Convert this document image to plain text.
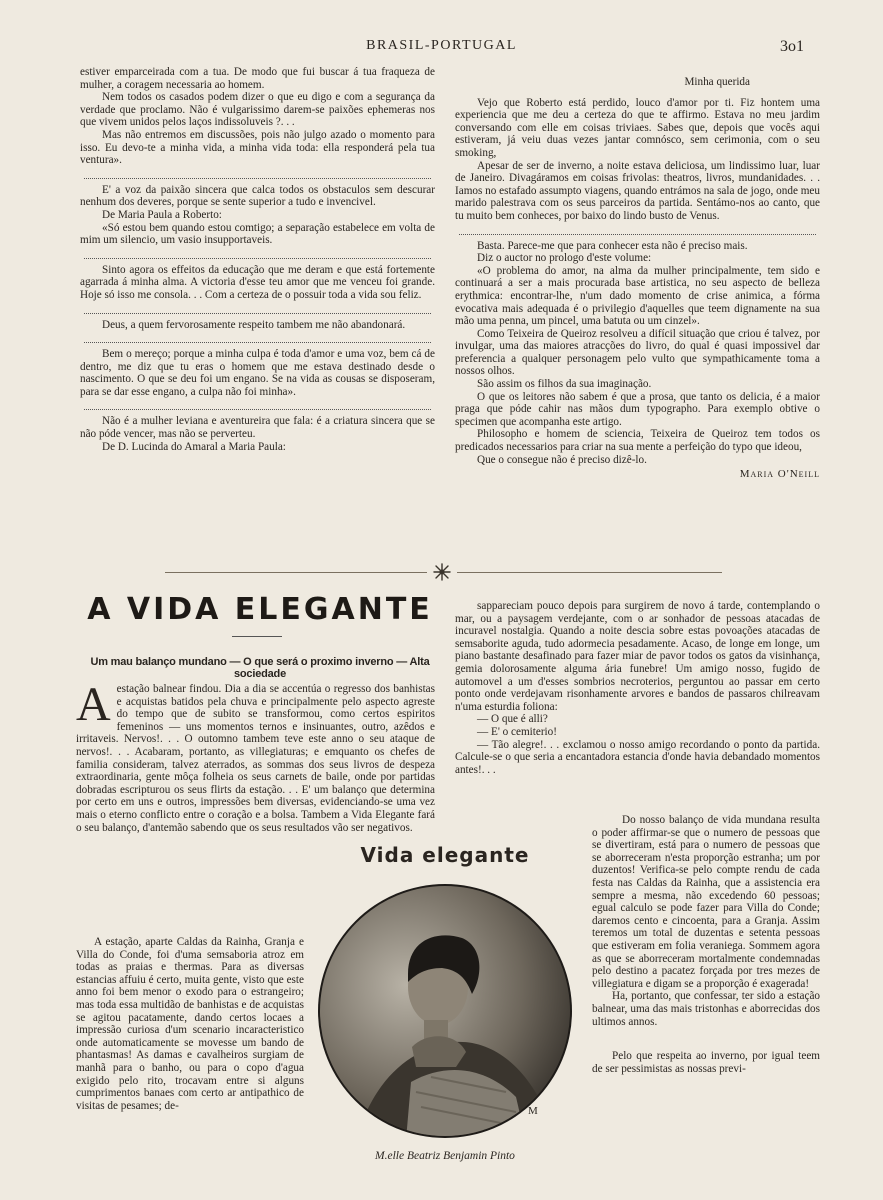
BRASIL-PORTUGAL	3o1

estiver emparceirada com a tua. De modo que fui buscar á tua fraqueza de mulher, a coragem necessaria ao homem.

Nem todos os casados podem dizer o que eu digo e com a segurança da verdade que proclamo. Não é vulgarissimo darem-se paixões ephemeras nos que vivem unidos pelos laços indissoluveis ?. . .

Mas não entremos em discussões, pois não julgo azado o momento para isso. Eu devo-te a minha vida, a minha vida toda: ella responderá pela tua ventura».

E' a voz da paixão sincera que calca todos os obstaculos sem descurar nenhum dos deveres, porque se sente superior a tudo e invencivel.

De Maria Paula a Roberto:

«Só estou bem quando estou comtigo; a separação estabelece em volta de mim um silencio, um vasio insupportaveis.

Sinto agora os effeitos da educação que me deram e que está fortemente agarrada á minha alma. A victoria d'esse teu amor que me venceu foi grande. Hoje só isso me consola. . . Com a certeza de o possuir toda a vida sou feliz.

Deus, a quem fervorosamente respeito tambem me não abandonará.

Bem o mereço; porque a minha culpa é toda d'amor e uma voz, bem cá de dentro, me diz que tu eras o homem que me estava destinado desde o nascimento. O que se deu foi um engano. Se na vida as cousas se disposeram, para se dar esse engano, a culpa não foi minha».

Não é a mulher leviana e aventureira que fala: é a criatura sincera que se não póde vencer, mas não se perverteu.

De D. Lucinda do Amaral a Maria Paula:

Minha querida

Vejo que Roberto está perdido, louco d'amor por ti. Fiz hontem uma experiencia que me deu a certeza do que te affirmo. Estava no meu jardim conversando com elle em coisas triviaes. Sabes que, depois que vocês aqui estiveram, já veiu duas vezes jantar comnósco, sem cerimonia, com o seu smoking,

Apesar de ser de inverno, a noite estava deliciosa, um lindissimo luar, luar de Janeiro. Divagáramos em coisas frivolas: theatros, livros, mundanidades. . . Iamos no estafado assumpto viagens, quando entrámos na sala de jogo, onde meu marido palestrava com os seus parceiros da partida. Sentámo-nos ao canto, que tu muito bem conheces, por baixo do lindo busto de Venus.

Basta. Parece-me que para conhecer esta não é preciso mais.

Diz o auctor no prologo d'este volume:

«O problema do amor, na alma da mulher principalmente, tem sido e continuará a ser a mais procurada base artistica, no seu aspecto de belleza erythmica: encontrar-lhe, n'um dado momento de crise animica, a fórma evocativa mais adequada é o privilegio d'aquelles que teem dignamente na sua mão uma penna, um pincel, uma batuta ou um cinzel».

Como Teixeira de Queiroz resolveu a difícil situação que criou é talvez, por invulgar, uma das maiores atracções do livro, do qual é quasi impossivel dar preferencia a qualquer personagem pelo vulto que sympathicamente toma a nossos olhos.

São assim os filhos da sua imaginação.

O que os leitores não sabem é que a prosa, que tanto os delicia, é a maior praga que póde cahir nas mãos dum typographo. Para exemplo obtive o specimen que acompanha este artigo.

Philosopho e homem de sciencia, Teixeira de Queiroz tem todos os predicados necessarios para criar na sua mente a perfeição do typo que ideou,

Que o consegue não é preciso dizê-lo.

Maria O'Neill
A VIDA ELEGANTE
Um mau balanço mundano — O que será o proximo inverno — Alta sociedade

A estação balnear findou. Dia a dia se accentúa o regresso dos banhistas e acquistas batidos pela chuva e principalmente pelo aspecto agreste do tempo que de subito se transformou, como certos espiritos femeninos — uns momentos ternos e insinuantes, outro, azêdos e irritaveis. Nervos!. . . O outomno tambem teve este anno o seu ataque de nervos!. . . Acabaram, portanto, as villegiaturas; e emquanto os chefes de familia consideram, talvez aterrados, as sommas dos seus livros de despeza extraordinaria, gente môça folheia os seus carnets de baile, onde por partidas dobradas escriptur​ou os seus flirts da estação. . . E' um balanço que determina por certo em uns e outros, impressões bem diversas, evidenciando-se uma vez mais o eterno conflicto entre o coração e a bolsa. Tambem a Vida Elegante fará o seu balanço, d'antemão sabendo que os seus resultados vão ser negativos.

A estação, aparte Caldas da Rainha, Granja e Villa do Conde, foi d'uma semsaboria atroz em todas as praias e thermas. Para as diversas estancias affuiu é certo, muita gente, visto que este anno foi bem menor o exodo para o estrangeiro; mas toda essa multidão de banhistas e de acquistas se agitou pacatamente, dando certos locaes a impressão curiosa d'um scenario incaracteristico onde automaticamente se movesse um bando de phantasmas! As damas e cavalheiros surgiam de manhã para o banho, ou para o copo d'agua exigido pelo rito, trocavam entre si alguns cumprimentos banaes com certo ar antipathico de visitas de pesames; de-

Vida elegante
M
M.elle Beatriz Benjamin Pinto

sappareciam pouco depois para surgirem de novo á tarde, contemplando o mar, ou a paysagem verdejante, com o ar sonhador de pessoas atacadas de incuravel nostalgia. Quando a noite descia sobre estas povoações atacadas de semsaborite aguda, tudo adormecia pesadamente. Acaso, de longe em longe, um piano bastante desafinado para fazer miar de pavor todos os gatos da visinhança, gemia dolorosamente alguma ária funebre! Um amigo nosso, fugido de automovel a um d'esses sombrios necroterios, perguntou ao passar em certo ponto onde verdejavam risonhamente arvores e bandos de passaros chilreavam n'uma esturdia foliona:

— O que é alli?

— E' o cemiterio!

— Tão alegre!. . . exclamou o nosso amigo recordando o ponto da partida. Calcule-se o que seria a encantadora estancia d'onde havia debandado momentos antes!. . .

Do nosso balanço de vida mundana resulta o poder affirmar-se que o numero de pessoas que se divertiram, está para o numero de pessoas que se aborreceram n'esta proporção estranha; um por duzentos! Verifica-se pelo compte rendu de cada festa nas Caldas da Rainha, que a assistencia era sempre a mesma, não excedendo 60 pessoas; egual calculo se pode fazer para Villa do Conde; daremos cento e cincoenta, para a Granja. Assim teremos um total de duzentas e setenta pessoas que estiveram em folia veraniega. Sommem agora as que se aborreceram mortalmente condemnadas pelo destino a pacatez forçada por tres mezes de villegiatura e digam se a proporção é exagerada!

Ha, portanto, que confessar, ter sido a estação balnear, uma das mais tristonhas e aborrecidas dos ultimos annos.

Pelo que respeita ao inverno, por igual teem de ser pessimistas as nossas previ-
